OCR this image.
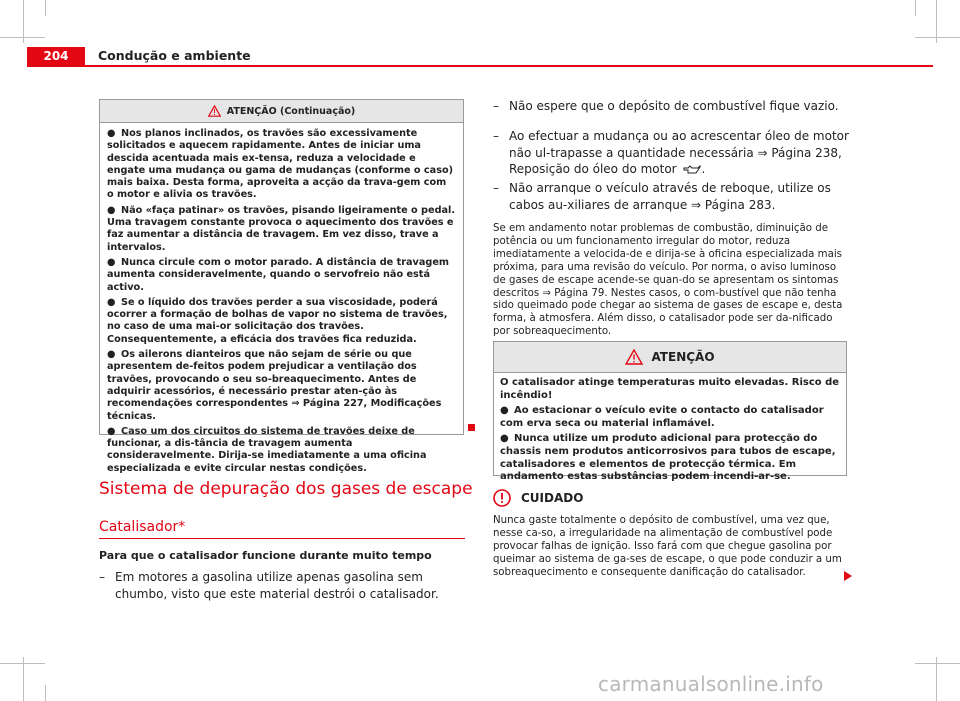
204	Condução e ambiente
ATENÇÃO (Continuação)

● Nos planos inclinados, os travões são excessivamente solicitados e aquecem rapidamente. Antes de iniciar uma descida acentuada mais ex-tensa, reduza a velocidade e engate uma mudança ou gama de mudanças (conforme o caso) mais baixa. Desta forma, aproveita a acção da trava-gem com o motor e alivia os travões.

● Não «faça patinar» os travões, pisando ligeiramente o pedal. Uma travagem constante provoca o aquecimento dos travões e faz aumentar a distância de travagem. Em vez disso, trave a intervalos.

● Nunca circule com o motor parado. A distância de travagem aumenta consideravelmente, quando o servofreio não está activo.

● Se o líquido dos travões perder a sua viscosidade, poderá ocorrer a formação de bolhas de vapor no sistema de travões, no caso de uma mai-or solicitação dos travões. Consequentemente, a eficácia dos travões fica reduzida.

● Os ailerons dianteiros que não sejam de série ou que apresentem de-feitos podem prejudicar a ventilação dos travões, provocando o seu so-breaquecimento. Antes de adquirir acessórios, é necessário prestar aten-ção às recomendações correspondentes ⇒ Página 227, Modificações técnicas.

● Caso um dos circuitos do sistema de travões deixe de funcionar, a dis-tância de travagem aumenta consideravelmente. Dirija-se imediatamente a uma oficina especializada e evite circular nestas condições.

Sistema de depuração dos gases de escape
Catalisador*
Para que o catalisador funcione durante muito tempo
– Em motores a gasolina utilize apenas gasolina sem chumbo, visto que este material destrói o catalisador.
– Não espere que o depósito de combustível fique vazio.
– Ao efectuar a mudança ou ao acrescentar óleo de motor não ul-trapasse a quantidade necessária ⇒ Página 238, Reposição do óleo do motor .
– Não arranque o veículo através de reboque, utilize os cabos au-xiliares de arranque ⇒ Página 283.
Se em andamento notar problemas de combustão, diminuição de potência ou um funcionamento irregular do motor, reduza imediatamente a velocida-de e dirija-se à oficina especializada mais próxima, para uma revisão do veículo. Por norma, o aviso luminoso de gases de escape acende-se quan-do se apresentam os sintomas descritos ⇒ Página 79. Nestes casos, o com-bustível que não tenha sido queimado pode chegar ao sistema de gases de escape e, desta forma, à atmosfera. Além disso, o catalisador pode ser da-nificado por sobreaquecimento.
ATENÇÃO

O catalisador atinge temperaturas muito elevadas. Risco de incêndio!

● Ao estacionar o veículo evite o contacto do catalisador com erva seca ou material inflamável.

● Nunca utilize um produto adicional para protecção do chassis nem produtos anticorrosivos para tubos de escape, catalisadores e elementos de protecção térmica. Em andamento estas substâncias podem incendi-ar-se.

CUIDADO
Nunca gaste totalmente o depósito de combustível, uma vez que, nesse ca-so, a irregularidade na alimentação de combustível pode provocar falhas de ignição. Isso fará com que chegue gasolina por queimar ao sistema de ga-ses de escape, o que pode conduzir a um sobreaquecimento e consequente danificação do catalisador.
carmanualsonline.info
